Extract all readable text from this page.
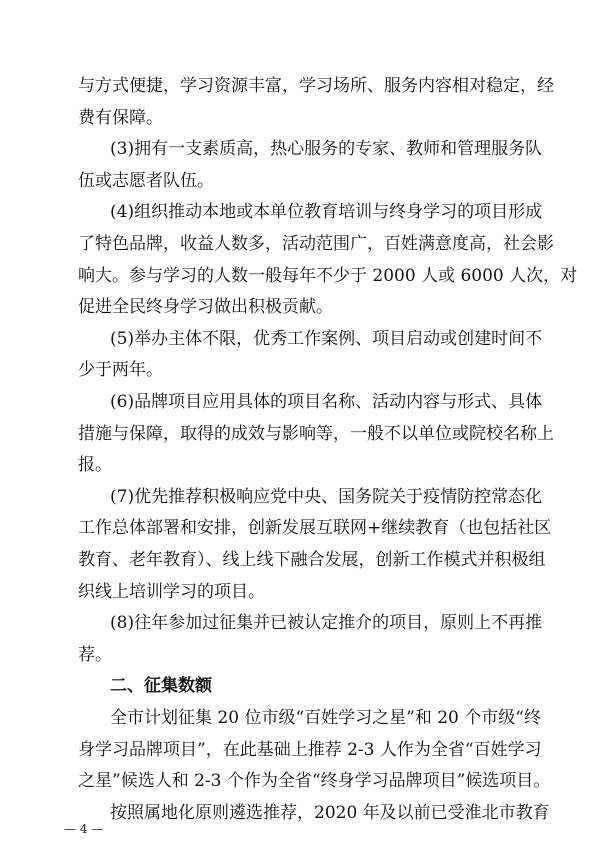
与方式便捷，学习资源丰富，学习场所、服务内容相对稳定，经
费有保障。
(3)拥有一支素质高，热心服务的专家、教师和管理服务队
伍或志愿者队伍。
(4)组织推动本地或本单位教育培训与终身学习的项目形成
了特色品牌，收益人数多，活动范围广，百姓满意度高，社会影
响大。参与学习的人数一般每年不少于 2000 人或 6000 人次，对
促进全民终身学习做出积极贡献。
(5)举办主体不限，优秀工作案例、项目启动或创建时间不
少于两年。
(6)品牌项目应用具体的项目名称、活动内容与形式、具体
措施与保障，取得的成效与影响等，一般不以单位或院校名称上
报。
(7)优先推荐积极响应党中央、国务院关于疫情防控常态化
工作总体部署和安排，创新发展互联网+继续教育（也包括社区
教育、老年教育）、线上线下融合发展，创新工作模式并积极组
织线上培训学习的项目。
(8)往年参加过征集并已被认定推介的项目，原则上不再推
荐。
二、征集数额
全市计划征集 20 位市级“百姓学习之星”和 20 个市级“终
身学习品牌项目”，在此基础上推荐 2-3 人作为全省“百姓学习
之星”候选人和 2-3 个作为全省“终身学习品牌项目”候选项目。
按照属地化原则遴选推荐，2020 年及以前已受淮北市教育
— 4 —
